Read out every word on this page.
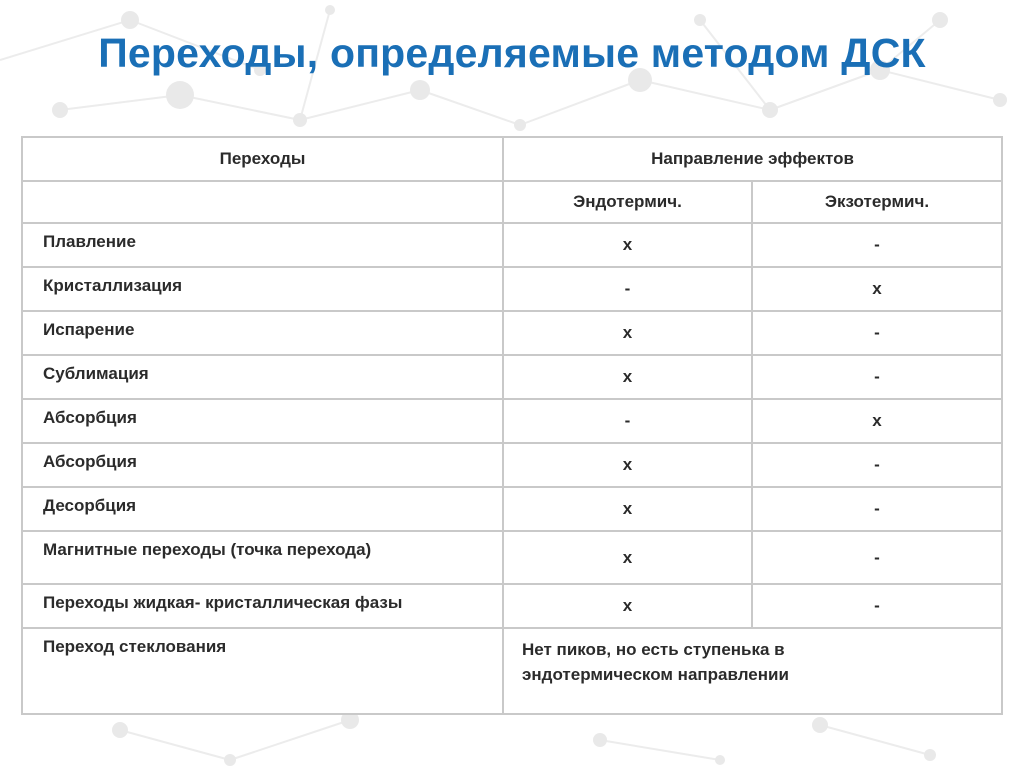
Переходы, определяемые методом ДСК
Переходы	Направление эффектов	
	Эндотермич.	Экзотермич.
Плавление	x	-
Кристаллизация	-	x
Испарение	x	-
Сублимация	x	-
Абсорбция	-	x
Абсорбция	x	-
Десорбция	x	-
Магнитные переходы (точка перехода)	x	-
Переходы жидкая- кристаллическая фазы	x	-
Переход стеклования	Нет пиков, но есть ступенька в
эндотермическом направлении	
